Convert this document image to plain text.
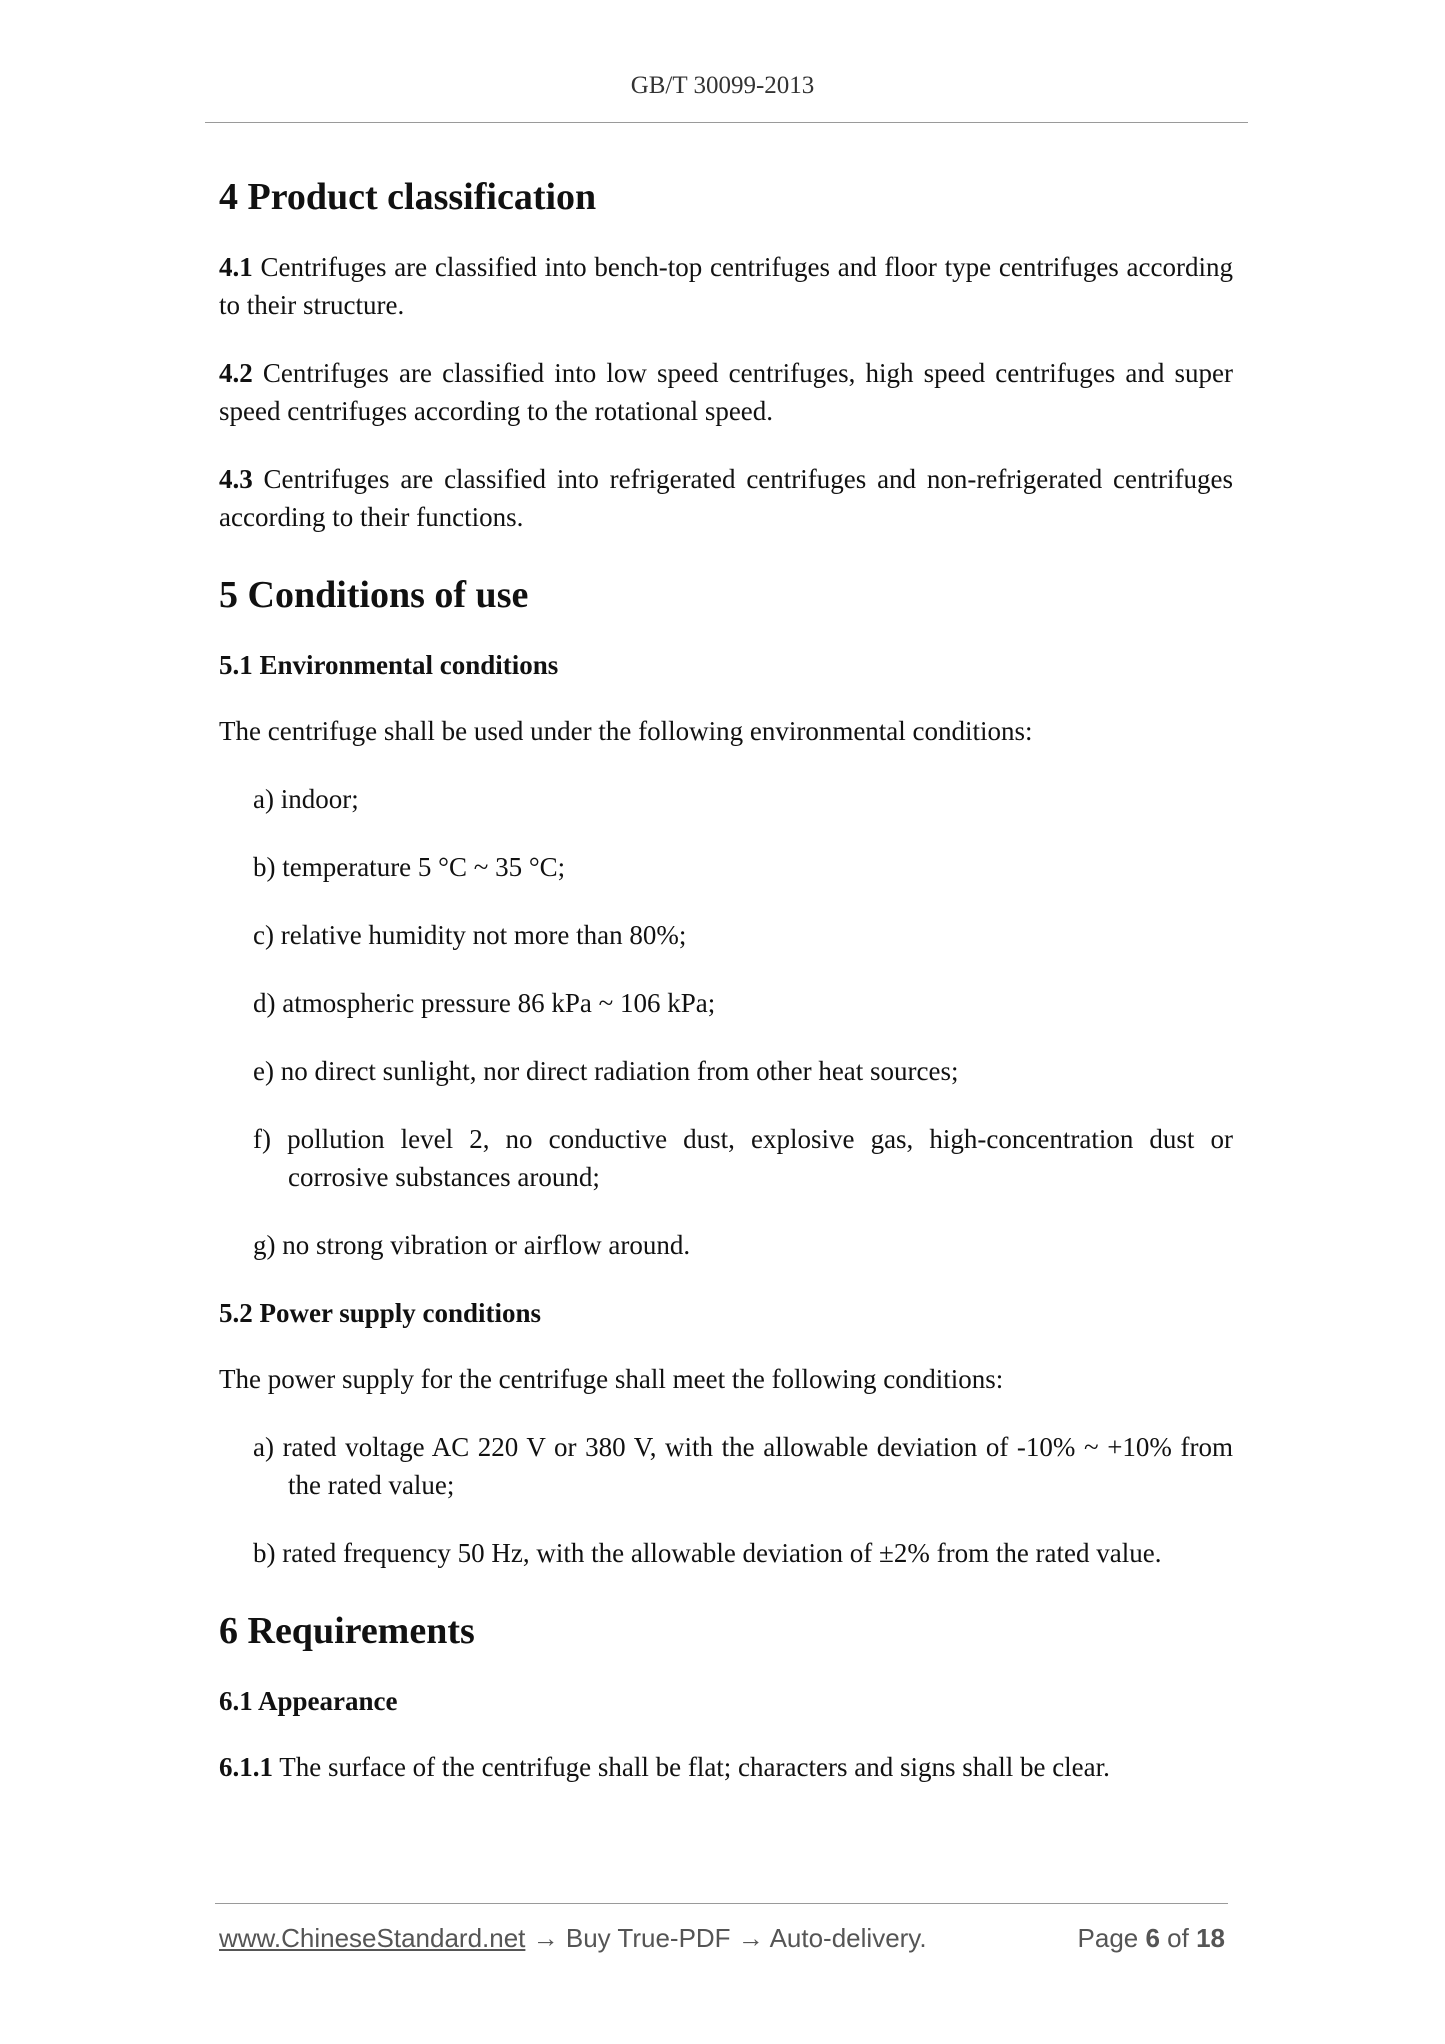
GB/T 30099-2013
4 Product classification
4.1 Centrifuges are classified into bench-top centrifuges and floor type centrifuges according to their structure.
4.2 Centrifuges are classified into low speed centrifuges, high speed centrifuges and super speed centrifuges according to the rotational speed.
4.3 Centrifuges are classified into refrigerated centrifuges and non-refrigerated centrifuges according to their functions.
5 Conditions of use
5.1 Environmental conditions
The centrifuge shall be used under the following environmental conditions:
a) indoor;
b) temperature 5 °C ~ 35 °C;
c) relative humidity not more than 80%;
d) atmospheric pressure 86 kPa ~ 106 kPa;
e) no direct sunlight, nor direct radiation from other heat sources;
f) pollution level 2, no conductive dust, explosive gas, high-concentration dust or corrosive substances around;
g) no strong vibration or airflow around.
5.2 Power supply conditions
The power supply for the centrifuge shall meet the following conditions:
a) rated voltage AC 220 V or 380 V, with the allowable deviation of -10% ~ +10% from the rated value;
b) rated frequency 50 Hz, with the allowable deviation of ±2% from the rated value.
6 Requirements
6.1 Appearance
6.1.1 The surface of the centrifuge shall be flat; characters and signs shall be clear.
www.ChineseStandard.net → Buy True-PDF → Auto-delivery.	Page 6 of 18
